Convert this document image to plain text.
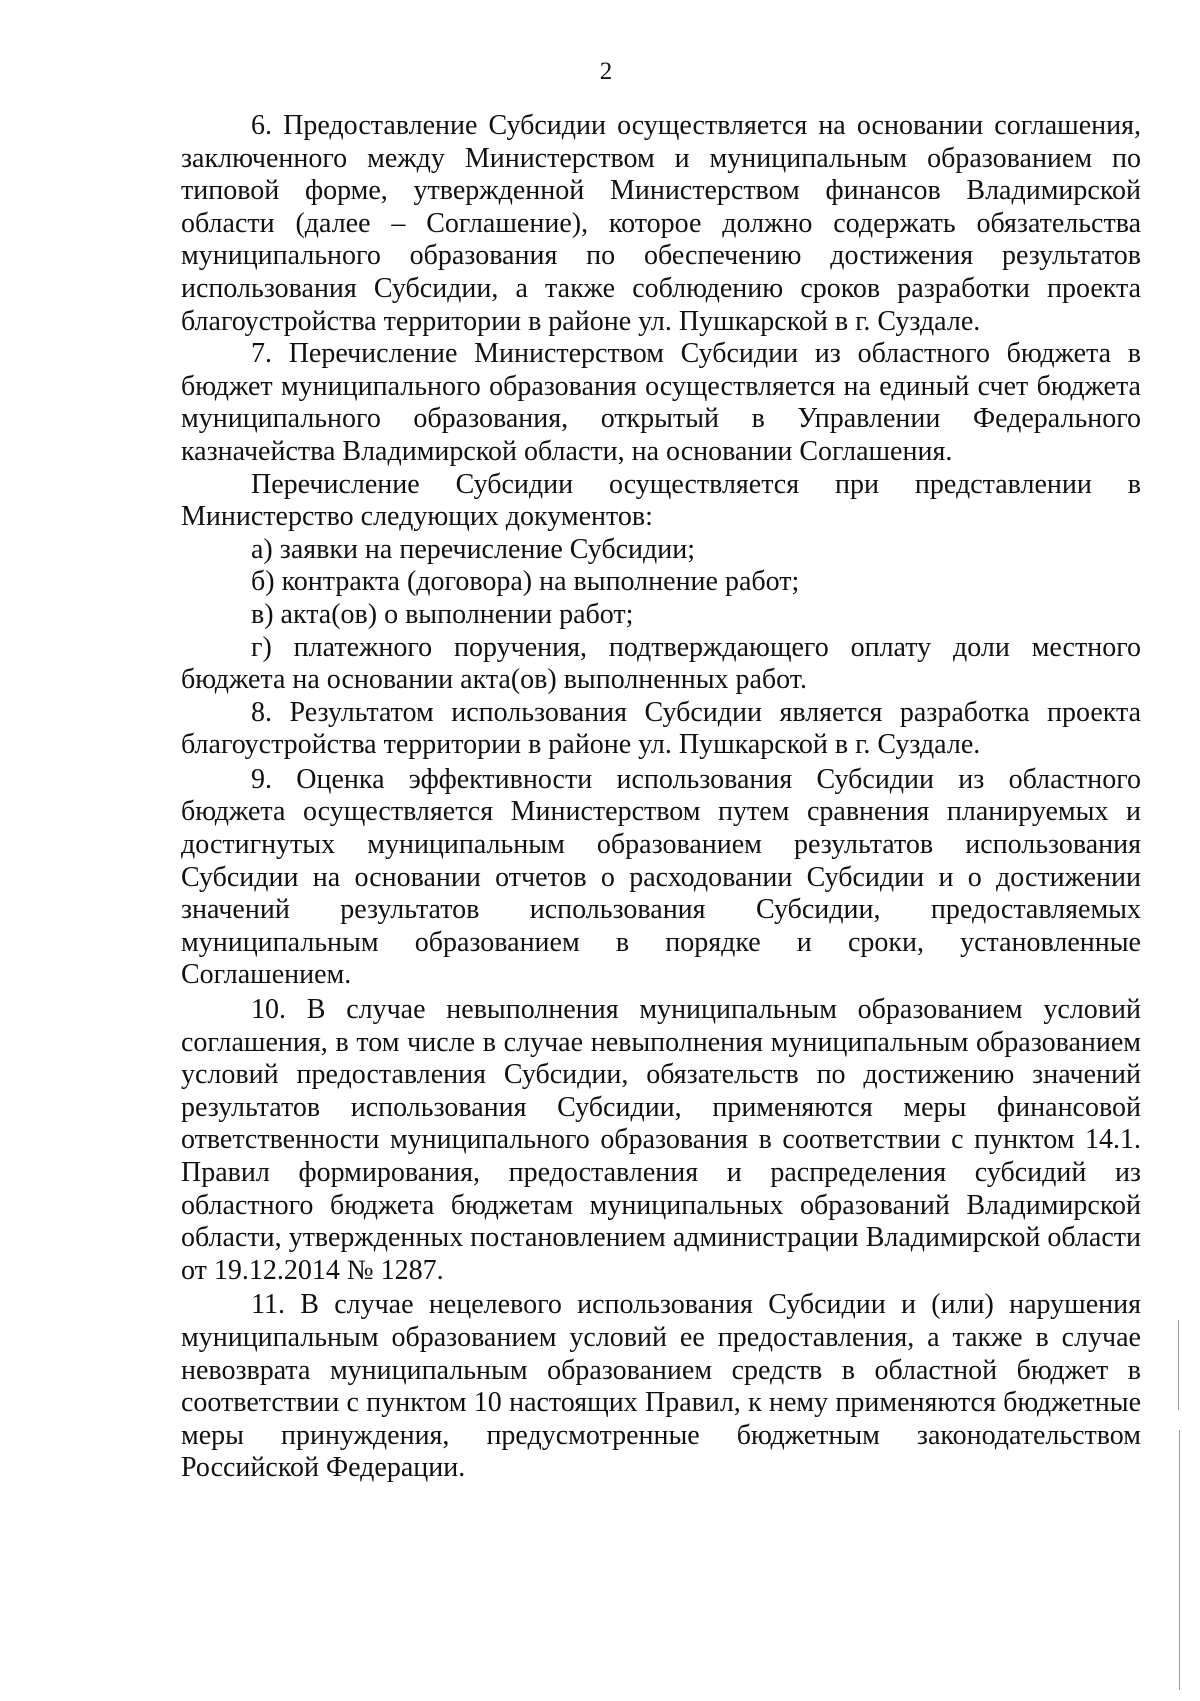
2

6. Предоставление Субсидии осуществляется на основании соглашения, заключенного между Министерством и муниципальным образованием по типовой форме, утвержденной Министерством финансов Владимирской области (далее – Соглашение), которое должно содержать обязательства муниципального образования по обеспечению достижения результатов использования Субсидии, а также соблюдению сроков разработки проекта благоустройства территории в районе ул. Пушкарской в г. Суздале.

7. Перечисление Министерством Субсидии из областного бюджета в бюджет муниципального образования осуществляется на единый счет бюджета муниципального образования, открытый в Управлении Федерального казначейства Владимирской области, на основании Соглашения.

Перечисление Субсидии осуществляется при представлении в Министерство следующих документов:

а) заявки на перечисление Субсидии;

б) контракта (договора) на выполнение работ;

в) акта(ов) о выполнении работ;

г) платежного поручения, подтверждающего оплату доли местного бюджета на основании акта(ов) выполненных работ.

8. Результатом использования Субсидии является разработка проекта благоустройства территории в районе ул. Пушкарской в г. Суздале.

9. Оценка эффективности использования Субсидии из областного бюджета осуществляется Министерством путем сравнения планируемых и достигнутых муниципальным образованием результатов использования Субсидии на основании отчетов о расходовании Субсидии и о достижении значений результатов использования Субсидии, предоставляемых муниципальным образованием в порядке и сроки, установленные Соглашением.

10. В случае невыполнения муниципальным образованием условий соглашения, в том числе в случае невыполнения муниципальным образованием условий предоставления Субсидии, обязательств по достижению значений результатов использования Субсидии, применяются меры финансовой ответственности муниципального образования в соответствии с пунктом 14.1. Правил формирования, предоставления и распределения субсидий из областного бюджета бюджетам муниципальных образований Владимирской области, утвержденных постановлением администрации Владимирской области от 19.12.2014 № 1287.

11. В случае нецелевого использования Субсидии и (или) нарушения муниципальным образованием условий ее предоставления, а также в случае невозврата муниципальным образованием средств в областной бюджет в соответствии с пунктом 10 настоящих Правил, к нему применяются бюджетные меры принуждения, предусмотренные бюджетным законодательством Российской Федерации.
